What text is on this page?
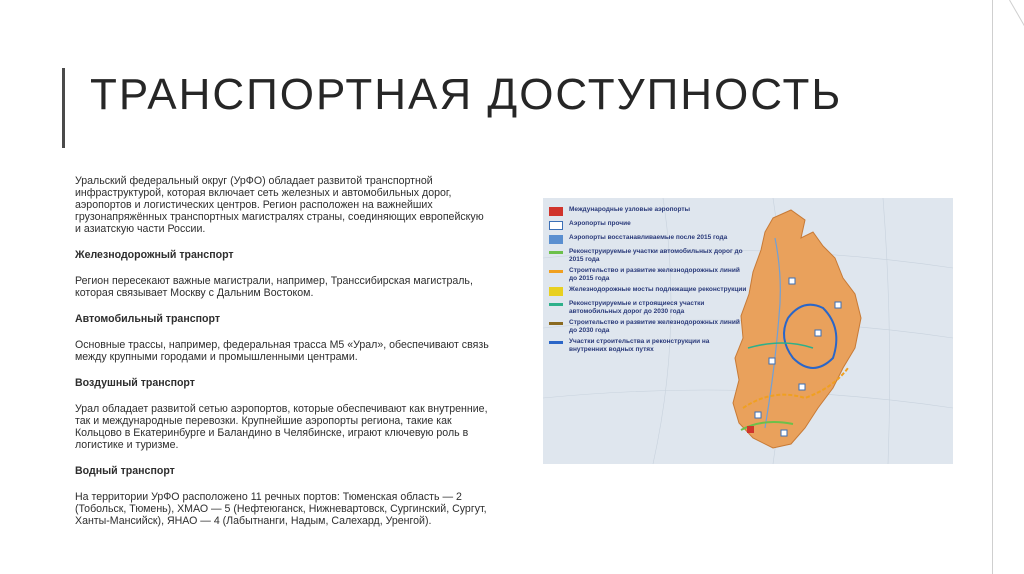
ТРАНСПОРТНАЯ ДОСТУПНОСТЬ

Уральский федеральный округ (УрФО) обладает развитой транспортной инфраструктурой, которая включает сеть железных и автомобильных дорог, аэропортов и логистических центров. Регион расположен на важнейших грузонапряжённых транспортных магистралях страны, соединяющих европейскую и азиатскую части России.

Железнодорожный транспорт

Регион пересекают важные магистрали, например, Транссибирская магистраль, которая связывает Москву с Дальним Востоком.

Автомобильный транспорт

Основные трассы, например, федеральная трасса М5 «Урал», обеспечивают связь между крупными городами и промышленными центрами.

Воздушный транспорт

Урал обладает развитой сетью аэропортов, которые обеспечивают как внутренние, так и международные перевозки. Крупнейшие аэропорты региона, такие как Кольцово в Екатеринбурге и Баландино в Челябинске, играют ключевую роль в логистике и туризме.

Водный транспорт

На территории УрФО расположено 11 речных портов: Тюменская область — 2 (Тобольск, Тюмень), ХМАО — 5 (Нефтеюганск, Нижневартовск, Сургинский, Сургут, Ханты-Мансийск), ЯНАО — 4 (Лабытнанги, Надым, Салехард, Уренгой).

Международные узловые аэропорты
Аэропорты прочие
Аэропорты восстанавливаемые после 2015 года
Реконструируемые участки автомобильных дорог до 2015 года
Строительство и развитие железнодорожных линий до 2015 года
Железнодорожные мосты подлежащие реконструкции
Реконструируемые и строящиеся участки автомобильных дорог до 2030 года
Строительство и развитие железнодорожных линий до 2030 года
Участки строительства и реконструкции на внутренних водных путях
